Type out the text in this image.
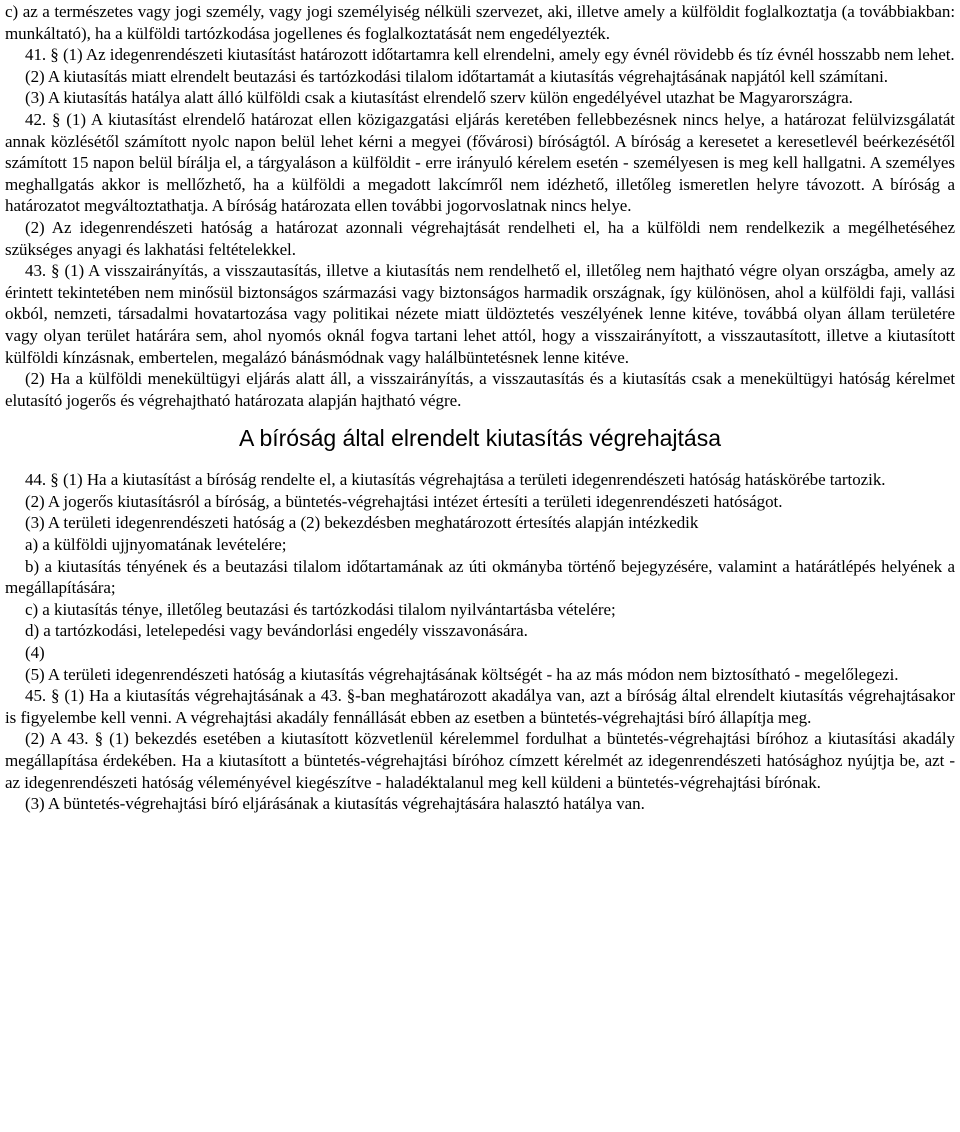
c) az a természetes vagy jogi személy, vagy jogi személyiség nélküli szervezet, aki, illetve amely a külföldit foglalkoztatja (a továbbiakban: munkáltató), ha a külföldi tartózkodása jogellenes és foglalkoztatását nem engedélyezték.

41. § (1) Az idegenrendészeti kiutasítást határozott időtartamra kell elrendelni, amely egy évnél rövidebb és tíz évnél hosszabb nem lehet.

(2) A kiutasítás miatt elrendelt beutazási és tartózkodási tilalom időtartamát a kiutasítás végrehajtásának napjától kell számítani.

(3) A kiutasítás hatálya alatt álló külföldi csak a kiutasítást elrendelő szerv külön engedélyével utazhat be Magyarországra.

42. § (1) A kiutasítást elrendelő határozat ellen közigazgatási eljárás keretében fellebbezésnek nincs helye, a határozat felülvizsgálatát annak közlésétől számított nyolc napon belül lehet kérni a megyei (fővárosi) bíróságtól. A bíróság a keresetet a keresetlevél beérkezésétől számított 15 napon belül bírálja el, a tárgyaláson a külföldit - erre irányuló kérelem esetén - személyesen is meg kell hallgatni. A személyes meghallgatás akkor is mellőzhető, ha a külföldi a megadott lakcímről nem idézhető, illetőleg ismeretlen helyre távozott. A bíróság a határozatot megváltoztathatja. A bíróság határozata ellen további jogorvoslatnak nincs helye.

(2) Az idegenrendészeti hatóság a határozat azonnali végrehajtását rendelheti el, ha a külföldi nem rendelkezik a megélhetéséhez szükséges anyagi és lakhatási feltételekkel.

43. § (1) A visszairányítás, a visszautasítás, illetve a kiutasítás nem rendelhető el, illetőleg nem hajtható végre olyan országba, amely az érintett tekintetében nem minősül biztonságos származási vagy biztonságos harmadik országnak, így különösen, ahol a külföldi faji, vallási okból, nemzeti, társadalmi hovatartozása vagy politikai nézete miatt üldöztetés veszélyének lenne kitéve, továbbá olyan állam területére vagy olyan terület határára sem, ahol nyomós oknál fogva tartani lehet attól, hogy a visszairányított, a visszautasított, illetve a kiutasított külföldi kínzásnak, embertelen, megalázó bánásmódnak vagy halálbüntetésnek lenne kitéve.

(2) Ha a külföldi menekültügyi eljárás alatt áll, a visszairányítás, a visszautasítás és a kiutasítás csak a menekültügyi hatóság kérelmet elutasító jogerős és végrehajtható határozata alapján hajtható végre.

A bíróság által elrendelt kiutasítás végrehajtása

44. § (1) Ha a kiutasítást a bíróság rendelte el, a kiutasítás végrehajtása a területi idegenrendészeti hatóság hatáskörébe tartozik.

(2) A jogerős kiutasításról a bíróság, a büntetés-végrehajtási intézet értesíti a területi idegenrendészeti hatóságot.

(3) A területi idegenrendészeti hatóság a (2) bekezdésben meghatározott értesítés alapján intézkedik

a) a külföldi ujjnyomatának levételére;

b) a kiutasítás tényének és a beutazási tilalom időtartamának az úti okmányba történő bejegyzésére, valamint a határátlépés helyének a megállapítására;

c) a kiutasítás ténye, illetőleg beutazási és tartózkodási tilalom nyilvántartásba vételére;

d) a tartózkodási, letelepedési vagy bevándorlási engedély visszavonására.

(4)

(5) A területi idegenrendészeti hatóság a kiutasítás végrehajtásának költségét - ha az más módon nem biztosítható - megelőlegezi.

45. § (1) Ha a kiutasítás végrehajtásának a 43. §-ban meghatározott akadálya van, azt a bíróság által elrendelt kiutasítás végrehajtásakor is figyelembe kell venni. A végrehajtási akadály fennállását ebben az esetben a büntetés-végrehajtási bíró állapítja meg.

(2) A 43. § (1) bekezdés esetében a kiutasított közvetlenül kérelemmel fordulhat a büntetés-végrehajtási bíróhoz a kiutasítási akadály megállapítása érdekében. Ha a kiutasított a büntetés-végrehajtási bíróhoz címzett kérelmét az idegenrendészeti hatósághoz nyújtja be, azt - az idegenrendészeti hatóság véleményével kiegészítve - haladéktalanul meg kell küldeni a büntetés-végrehajtási bírónak.

(3) A büntetés-végrehajtási bíró eljárásának a kiutasítás végrehajtására halasztó hatálya van.
